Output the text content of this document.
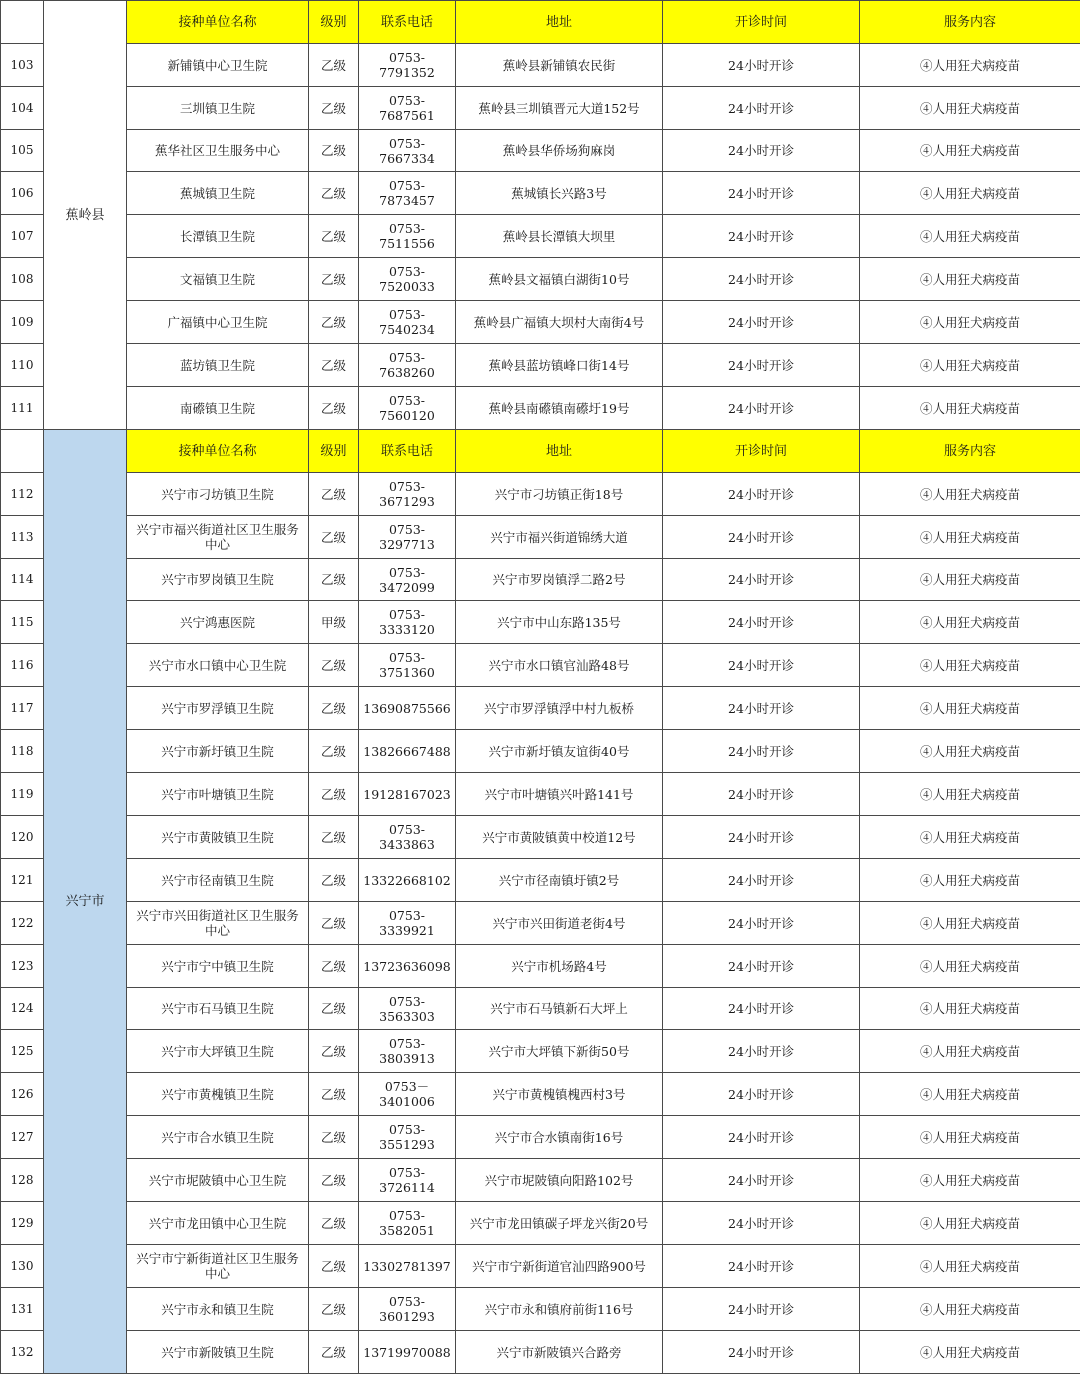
	蕉岭县	接种单位名称	级别	联系电话	地址	开诊时间	服务内容
103		新铺镇中心卫生院	乙级	0753-7791352	蕉岭县新铺镇农民街	24小时开诊	④人用狂犬病疫苗
104		三圳镇卫生院	乙级	0753-7687561	蕉岭县三圳镇晋元大道152号	24小时开诊	④人用狂犬病疫苗
105		蕉华社区卫生服务中心	乙级	0753-7667334	蕉岭县华侨场狗麻岗	24小时开诊	④人用狂犬病疫苗
106		蕉城镇卫生院	乙级	0753-7873457	蕉城镇长兴路3号	24小时开诊	④人用狂犬病疫苗
107		长潭镇卫生院	乙级	0753-7511556	蕉岭县长潭镇大坝里	24小时开诊	④人用狂犬病疫苗
108		文福镇卫生院	乙级	0753-7520033	蕉岭县文福镇白湖街10号	24小时开诊	④人用狂犬病疫苗
109		广福镇中心卫生院	乙级	0753-7540234	蕉岭县广福镇大坝村大南街4号	24小时开诊	④人用狂犬病疫苗
110		蓝坊镇卫生院	乙级	0753-7638260	蕉岭县蓝坊镇峰口街14号	24小时开诊	④人用狂犬病疫苗
111		南礤镇卫生院	乙级	0753-7560120	蕉岭县南礤镇南礤圩19号	24小时开诊	④人用狂犬病疫苗
	兴宁市	接种单位名称	级别	联系电话	地址	开诊时间	服务内容
112		兴宁市刁坊镇卫生院	乙级	0753-3671293	兴宁市刁坊镇正街18号	24小时开诊	④人用狂犬病疫苗
113		兴宁市福兴街道社区卫生服务中心	乙级	0753-3297713	兴宁市福兴街道锦绣大道	24小时开诊	④人用狂犬病疫苗
114		兴宁市罗岗镇卫生院	乙级	0753-3472099	兴宁市罗岗镇浮二路2号	24小时开诊	④人用狂犬病疫苗
115		兴宁鸿惠医院	甲级	0753-3333120	兴宁市中山东路135号	24小时开诊	④人用狂犬病疫苗
116		兴宁市水口镇中心卫生院	乙级	0753-3751360	兴宁市水口镇官汕路48号	24小时开诊	④人用狂犬病疫苗
117		兴宁市罗浮镇卫生院	乙级	13690875566	兴宁市罗浮镇浮中村九板桥	24小时开诊	④人用狂犬病疫苗
118		兴宁市新圩镇卫生院	乙级	13826667488	兴宁市新圩镇友谊街40号	24小时开诊	④人用狂犬病疫苗
119		兴宁市叶塘镇卫生院	乙级	19128167023	兴宁市叶塘镇兴叶路141号	24小时开诊	④人用狂犬病疫苗
120		兴宁市黄陂镇卫生院	乙级	0753-3433863	兴宁市黄陂镇黄中校道12号	24小时开诊	④人用狂犬病疫苗
121		兴宁市径南镇卫生院	乙级	13322668102	兴宁市径南镇圩镇2号	24小时开诊	④人用狂犬病疫苗
122		兴宁市兴田街道社区卫生服务中心	乙级	0753-3339921	兴宁市兴田街道老街4号	24小时开诊	④人用狂犬病疫苗
123		兴宁市宁中镇卫生院	乙级	13723636098	兴宁市机场路4号	24小时开诊	④人用狂犬病疫苗
124		兴宁市石马镇卫生院	乙级	0753-3563303	兴宁市石马镇新石大坪上	24小时开诊	④人用狂犬病疫苗
125		兴宁市大坪镇卫生院	乙级	0753-3803913	兴宁市大坪镇下新街50号	24小时开诊	④人用狂犬病疫苗
126		兴宁市黄槐镇卫生院	乙级	0753－3401006	兴宁市黄槐镇槐西村3号	24小时开诊	④人用狂犬病疫苗
127		兴宁市合水镇卫生院	乙级	0753-3551293	兴宁市合水镇南街16号	24小时开诊	④人用狂犬病疫苗
128		兴宁市坭陂镇中心卫生院	乙级	0753-3726114	兴宁市坭陂镇向阳路102号	24小时开诊	④人用狂犬病疫苗
129		兴宁市龙田镇中心卫生院	乙级	0753-3582051	兴宁市龙田镇碳子坪龙兴街20号	24小时开诊	④人用狂犬病疫苗
130		兴宁市宁新街道社区卫生服务中心	乙级	13302781397	兴宁市宁新街道官汕四路900号	24小时开诊	④人用狂犬病疫苗
131		兴宁市永和镇卫生院	乙级	0753-3601293	兴宁市永和镇府前街116号	24小时开诊	④人用狂犬病疫苗
132		兴宁市新陂镇卫生院	乙级	13719970088	兴宁市新陂镇兴合路旁	24小时开诊	④人用狂犬病疫苗
